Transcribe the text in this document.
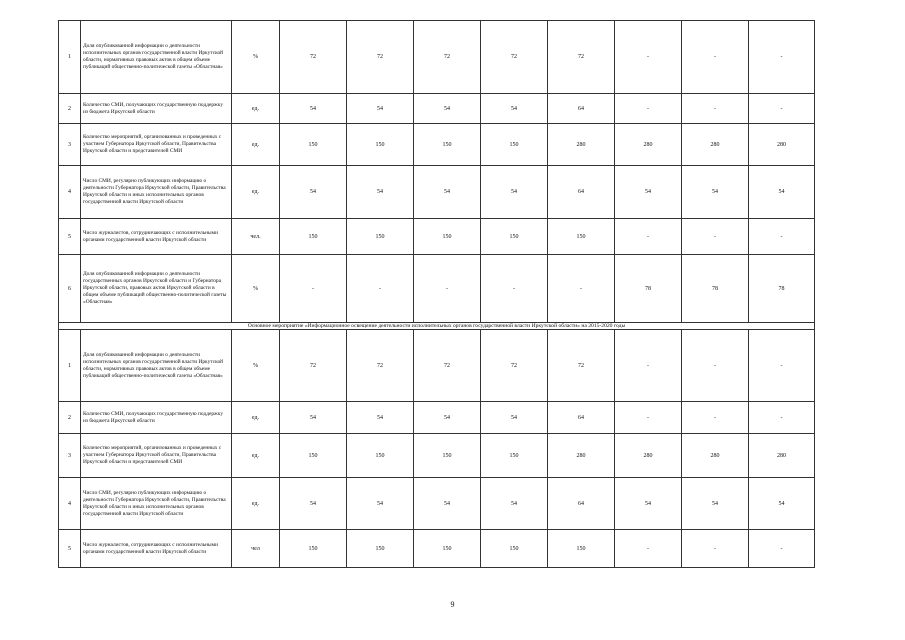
1	Доля опубликованной информации о деятельности исполнительных органов государственной власти Иркутской области, нормативных правовых актов в общем объеме публикаций общественно-политической газеты «Областная»	%	72	72	72	72	72	-	-	-
2	Количество СМИ, получающих государственную поддержку из бюджета Иркутской области	ед.	54	54	54	54	64	-	-	-
3	Количество мероприятий, организованных и проведенных с участием Губернатора Иркутской области, Правительства Иркутской области и представителей СМИ	ед.	150	150	150	150	280	280	280	280
4	Число СМИ, регулярно публикующих информацию о деятельности Губернатора Иркутской области, Правительства Иркутской области и иных исполнительных органов государственной власти Иркутской области	ед.	54	54	54	54	64	54	54	54
5	Число журналистов, сотрудничающих с исполнительными органами государственной власти Иркутской области	чел.	150	150	150	150	150	-	-	-
6	Доля опубликованной информации о деятельности государственных органов Иркутской области и Губернатора Иркутской области, правовых актов Иркутской области в общем объеме публикаций общественно-политической газеты «Областная»	%	-	-	-	-	-	78	78	78
Основное мероприятие «Информационное освещение деятельности исполнительных органов государственной власти Иркутской области» на 2015-2020 годы										
1	Доля опубликованной информации о деятельности исполнительных органов государственной власти Иркутской области, нормативных правовых актов в общем объеме публикаций общественно-политической газеты «Областная»	%	72	72	72	72	72	-	-	-
2	Количество СМИ, получающих государственную поддержку из бюджета Иркутской области	ед.	54	54	54	54	64	-	-	-
3	Количество мероприятий, организованных и проведенных с участием Губернатора Иркутской области, Правительства Иркутской области и представителей СМИ	ед.	150	150	150	150	280	280	280	280
4	Число СМИ, регулярно публикующих информацию о деятельности Губернатора Иркутской области, Правительства Иркутской области и иных исполнительных органов государственной власти Иркутской области	ед.	54	54	54	54	64	54	54	54
5	Число журналистов, сотрудничающих с исполнительными органами государственной власти Иркутской области	чел	150	150	150	150	150	-	-	-
9
